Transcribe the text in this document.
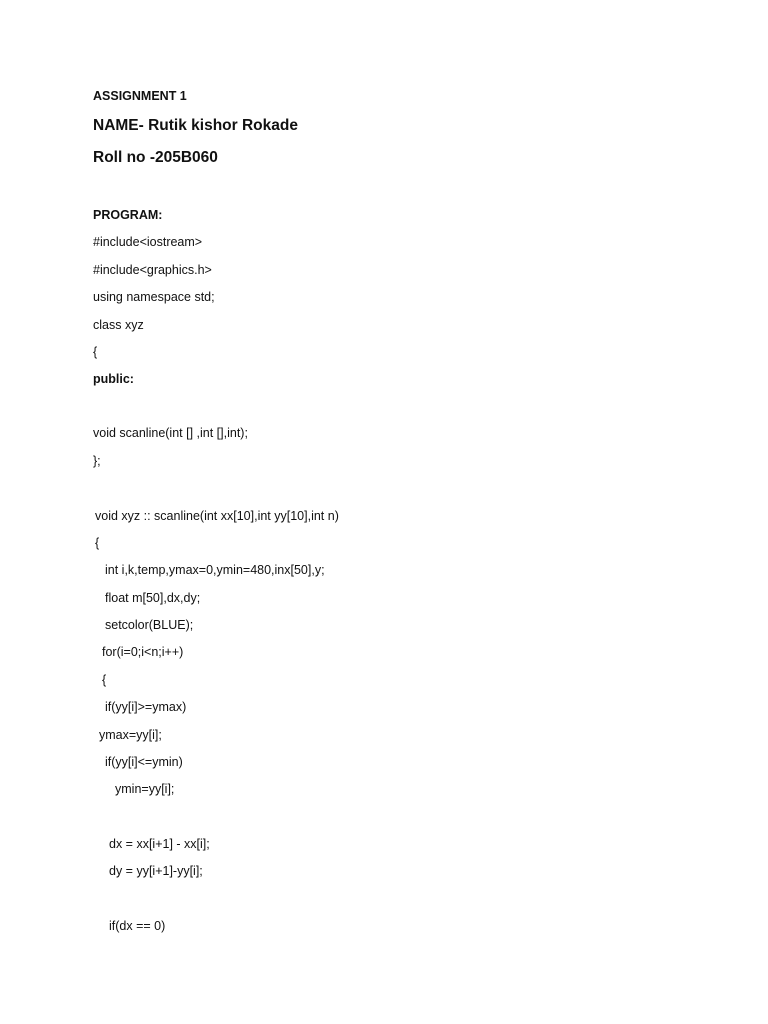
ASSIGNMENT 1
NAME- Rutik kishor Rokade
Roll no -205B060
PROGRAM:
#include<iostream>
#include<graphics.h>
using namespace std;
class xyz
{
public:
void scanline(int [] ,int [],int);
};
void xyz :: scanline(int xx[10],int yy[10],int n)
{
int i,k,temp,ymax=0,ymin=480,inx[50],y;
float m[50],dx,dy;
setcolor(BLUE);
for(i=0;i<n;i++)
{
if(yy[i]>=ymax)
ymax=yy[i];
if(yy[i]<=ymin)
ymin=yy[i];
dx = xx[i+1] - xx[i];
dy = yy[i+1]-yy[i];
if(dx == 0)
